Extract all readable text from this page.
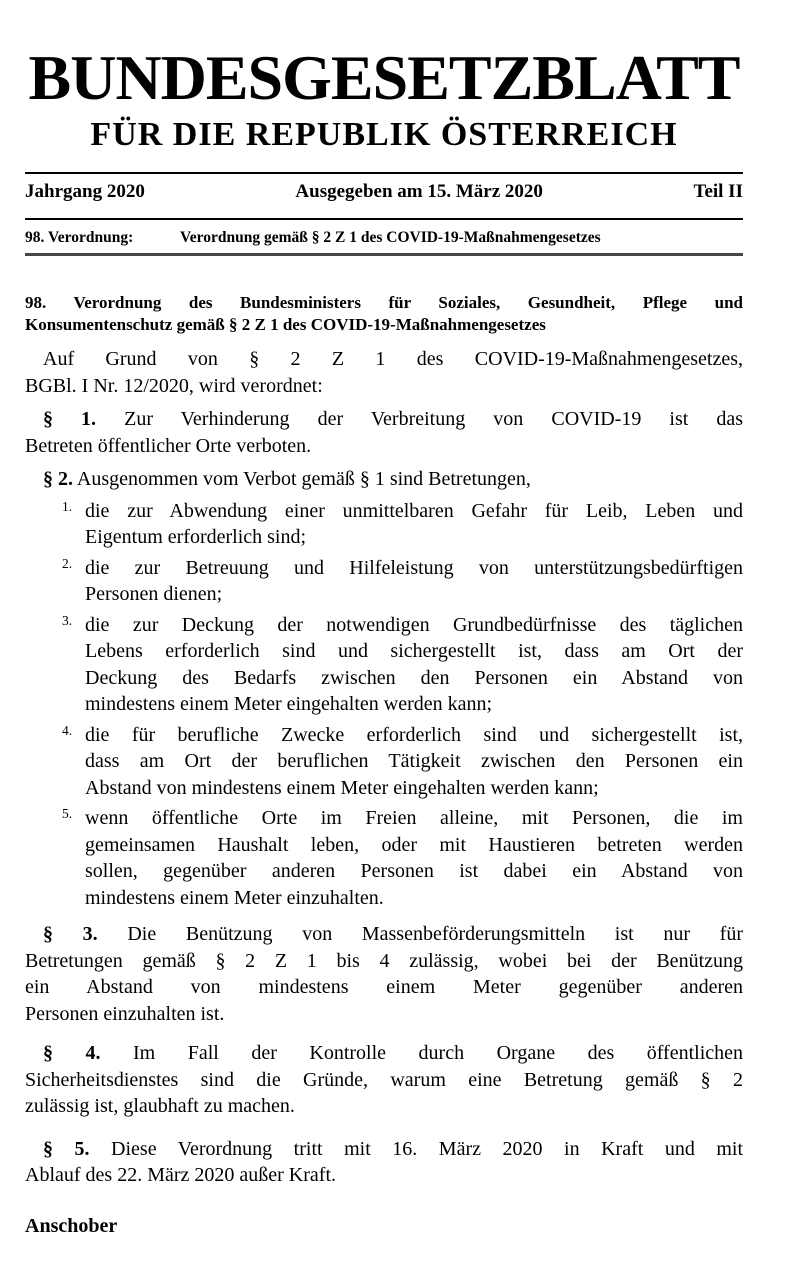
BUNDESGESETZBLATT
FÜR DIE REPUBLIK ÖSTERREICH
Jahrgang 2020	Ausgegeben am 15. März 2020	Teil II
98. Verordnung:	Verordnung gemäß § 2 Z 1 des COVID-19-Maßnahmengesetzes
98. Verordnung des Bundesministers für Soziales, Gesundheit, Pflege und
Konsumentenschutz gemäß § 2 Z 1 des COVID-19-Maßnahmengesetzes
Auf Grund von § 2 Z 1 des COVID-19-Maßnahmengesetzes,
BGBl. I Nr. 12/2020, wird verordnet:
§ 1. Zur Verhinderung der Verbreitung von COVID-19 ist das
Betreten öffentlicher Orte verboten.
§ 2. Ausgenommen vom Verbot gemäß § 1 sind Betretungen,
1. die zur Abwendung einer unmittelbaren Gefahr für Leib, Leben und
Eigentum erforderlich sind;
2. die zur Betreuung und Hilfeleistung von unterstützungsbedürftigen
Personen dienen;
3. die zur Deckung der notwendigen Grundbedürfnisse des täglichen
Lebens erforderlich sind und sichergestellt ist, dass am Ort der
Deckung des Bedarfs zwischen den Personen ein Abstand von
mindestens einem Meter eingehalten werden kann;
4. die für berufliche Zwecke erforderlich sind und sichergestellt ist,
dass am Ort der beruflichen Tätigkeit zwischen den Personen ein
Abstand von mindestens einem Meter eingehalten werden kann;
5. wenn öffentliche Orte im Freien alleine, mit Personen, die im
gemeinsamen Haushalt leben, oder mit Haustieren betreten werden
sollen, gegenüber anderen Personen ist dabei ein Abstand von
mindestens einem Meter einzuhalten.
§ 3. Die Benützung von Massenbeförderungsmitteln ist nur für
Betretungen gemäß § 2 Z 1 bis 4 zulässig, wobei bei der Benützung
ein Abstand von mindestens einem Meter gegenüber anderen
Personen einzuhalten ist.
§ 4. Im Fall der Kontrolle durch Organe des öffentlichen
Sicherheitsdienstes sind die Gründe, warum eine Betretung gemäß § 2
zulässig ist, glaubhaft zu machen.
§ 5. Diese Verordnung tritt mit 16. März 2020 in Kraft und mit
Ablauf des 22. März 2020 außer Kraft.
Anschober
